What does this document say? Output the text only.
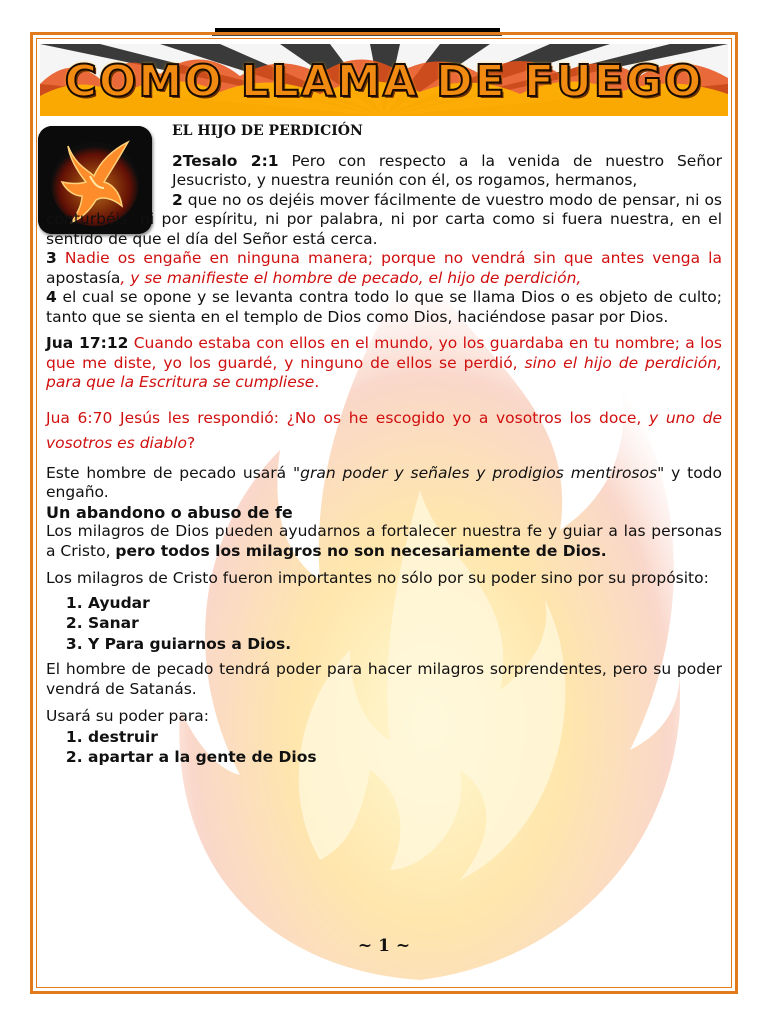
COMO LLAMA DE FUEGO
EL HIJO DE PERDICIÓN

2Tesalo 2:1 Pero con respecto a la venida de nuestro Señor Jesucristo, y nuestra reunión con él, os rogamos, hermanos,

2 que no os dejéis mover fácilmente de vuestro modo de pensar, ni os conturbéis, ni por espíritu, ni por palabra, ni por carta como si fuera nuestra, en el sentido de que el día del Señor está cerca.

3 Nadie os engañe en ninguna manera; porque no vendrá sin que antes venga la apostasía, y se manifieste el hombre de pecado, el hijo de perdición,

4 el cual se opone y se levanta contra todo lo que se llama Dios o es objeto de culto; tanto que se sienta en el templo de Dios como Dios, haciéndose pasar por Dios.

Jua 17:12 Cuando estaba con ellos en el mundo, yo los guardaba en tu nombre; a los que me diste, yo los guardé, y ninguno de ellos se perdió, sino el hijo de perdición, para que la Escritura se cumpliese.

Jua 6:70 Jesús les respondió: ¿No os he escogido yo a vosotros los doce, y uno de vosotros es diablo?

Este hombre de pecado usará "gran poder y señales y prodigios mentirosos" y todo engaño.

Un abandono o abuso de fe

Los milagros de Dios pueden ayudarnos a fortalecer nuestra fe y guiar a las personas a Cristo, pero todos los milagros no son necesariamente de Dios.

Los milagros de Cristo fueron importantes no sólo por su poder sino por su propósito:

1. Ayudar
2. Sanar
3. Y Para guiarnos a Dios.

El hombre de pecado tendrá poder para hacer milagros sorprendentes, pero su poder vendrá de Satanás.

Usará su poder para:

1. destruir
2. apartar a la gente de Dios
~ 1 ~
